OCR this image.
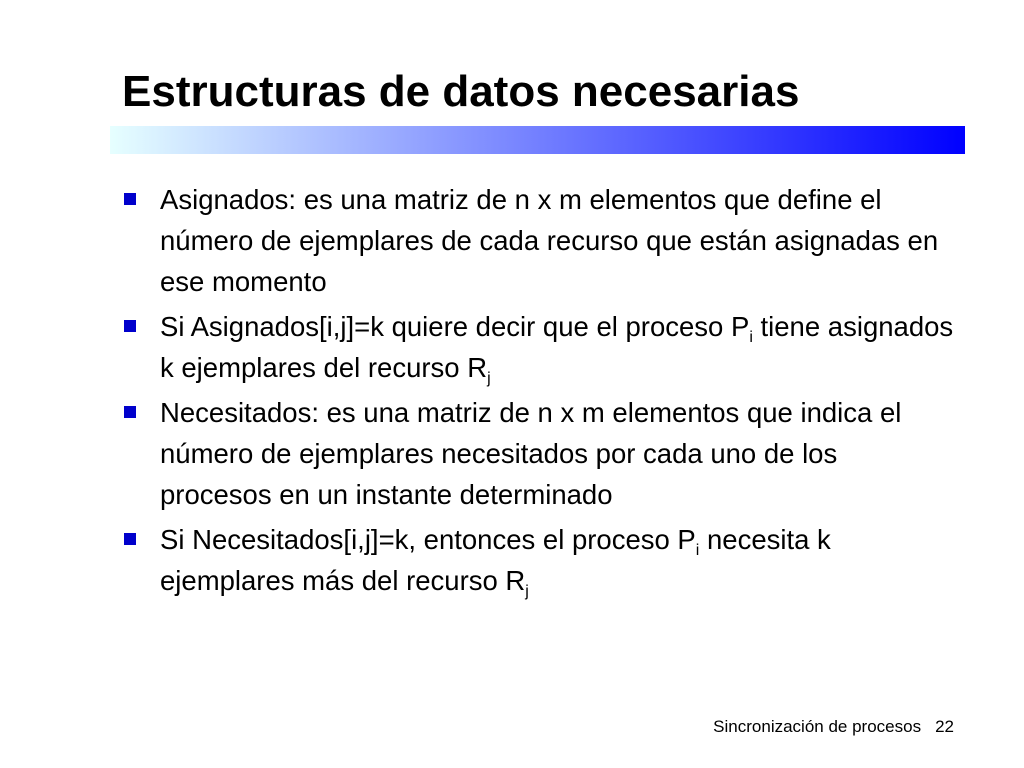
Estructuras de datos necesarias
Asignados: es una matriz de n x m elementos que define el número de ejemplares de cada recurso que están asignadas en ese momento
Si Asignados[i,j]=k quiere decir que el proceso $P_i$ tiene asignados k ejemplares del recurso $R_j$
Necesitados: es una matriz de n x m elementos que indica el número de ejemplares necesitados por cada uno de los procesos en un instante determinado
Si Necesitados[i,j]=k, entonces el proceso $P_i$ necesita k ejemplares más del recurso $R_j$
Sincronización de procesos 22
